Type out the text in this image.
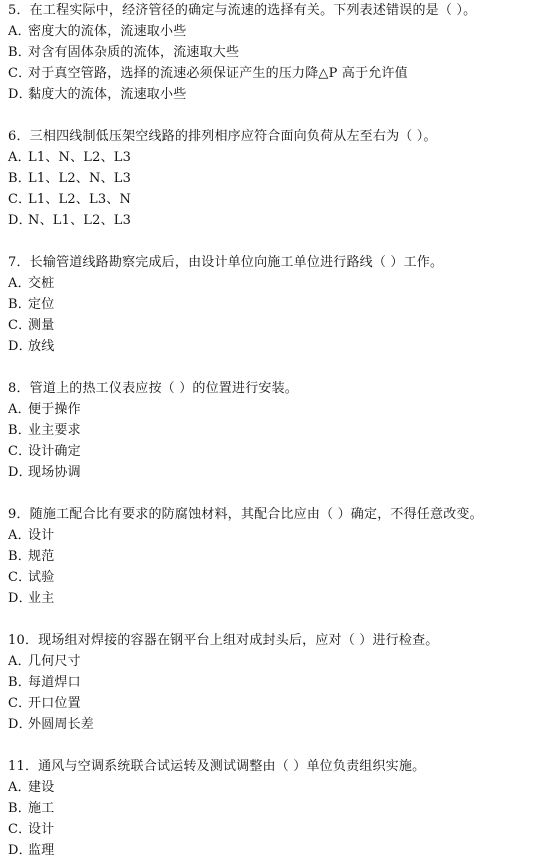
5．在工程实际中，经济管径的确定与流速的选择有关。下列表述错误的是（ ）。
A．密度大的流体，流速取小些
B．对含有固体杂质的流体，流速取大些
C．对于真空管路，选择的流速必须保证产生的压力降△P 高于允许值
D．黏度大的流体，流速取小些
6．三相四线制低压架空线路的排列相序应符合面向负荷从左至右为（ ）。
A．L1、N、L2、L3
B．L1、L2、N、L3
C．L1、L2、L3、N
D．N、L1、L2、L3
7．长输管道线路勘察完成后，由设计单位向施工单位进行路线（ ）工作。
A．交桩
B．定位
C．测量
D．放线
8．管道上的热工仪表应按（ ）的位置进行安装。
A．便于操作
B．业主要求
C．设计确定
D．现场协调
9．随施工配合比有要求的防腐蚀材料，其配合比应由（ ）确定，不得任意改变。
A．设计
B．规范
C．试验
D．业主
10．现场组对焊接的容器在钢平台上组对成封头后，应对（ ）进行检查。
A．几何尺寸
B．每道焊口
C．开口位置
D．外圆周长差
11．通风与空调系统联合试运转及测试调整由（ ）单位负责组织实施。
A．建设
B．施工
C．设计
D．监理
